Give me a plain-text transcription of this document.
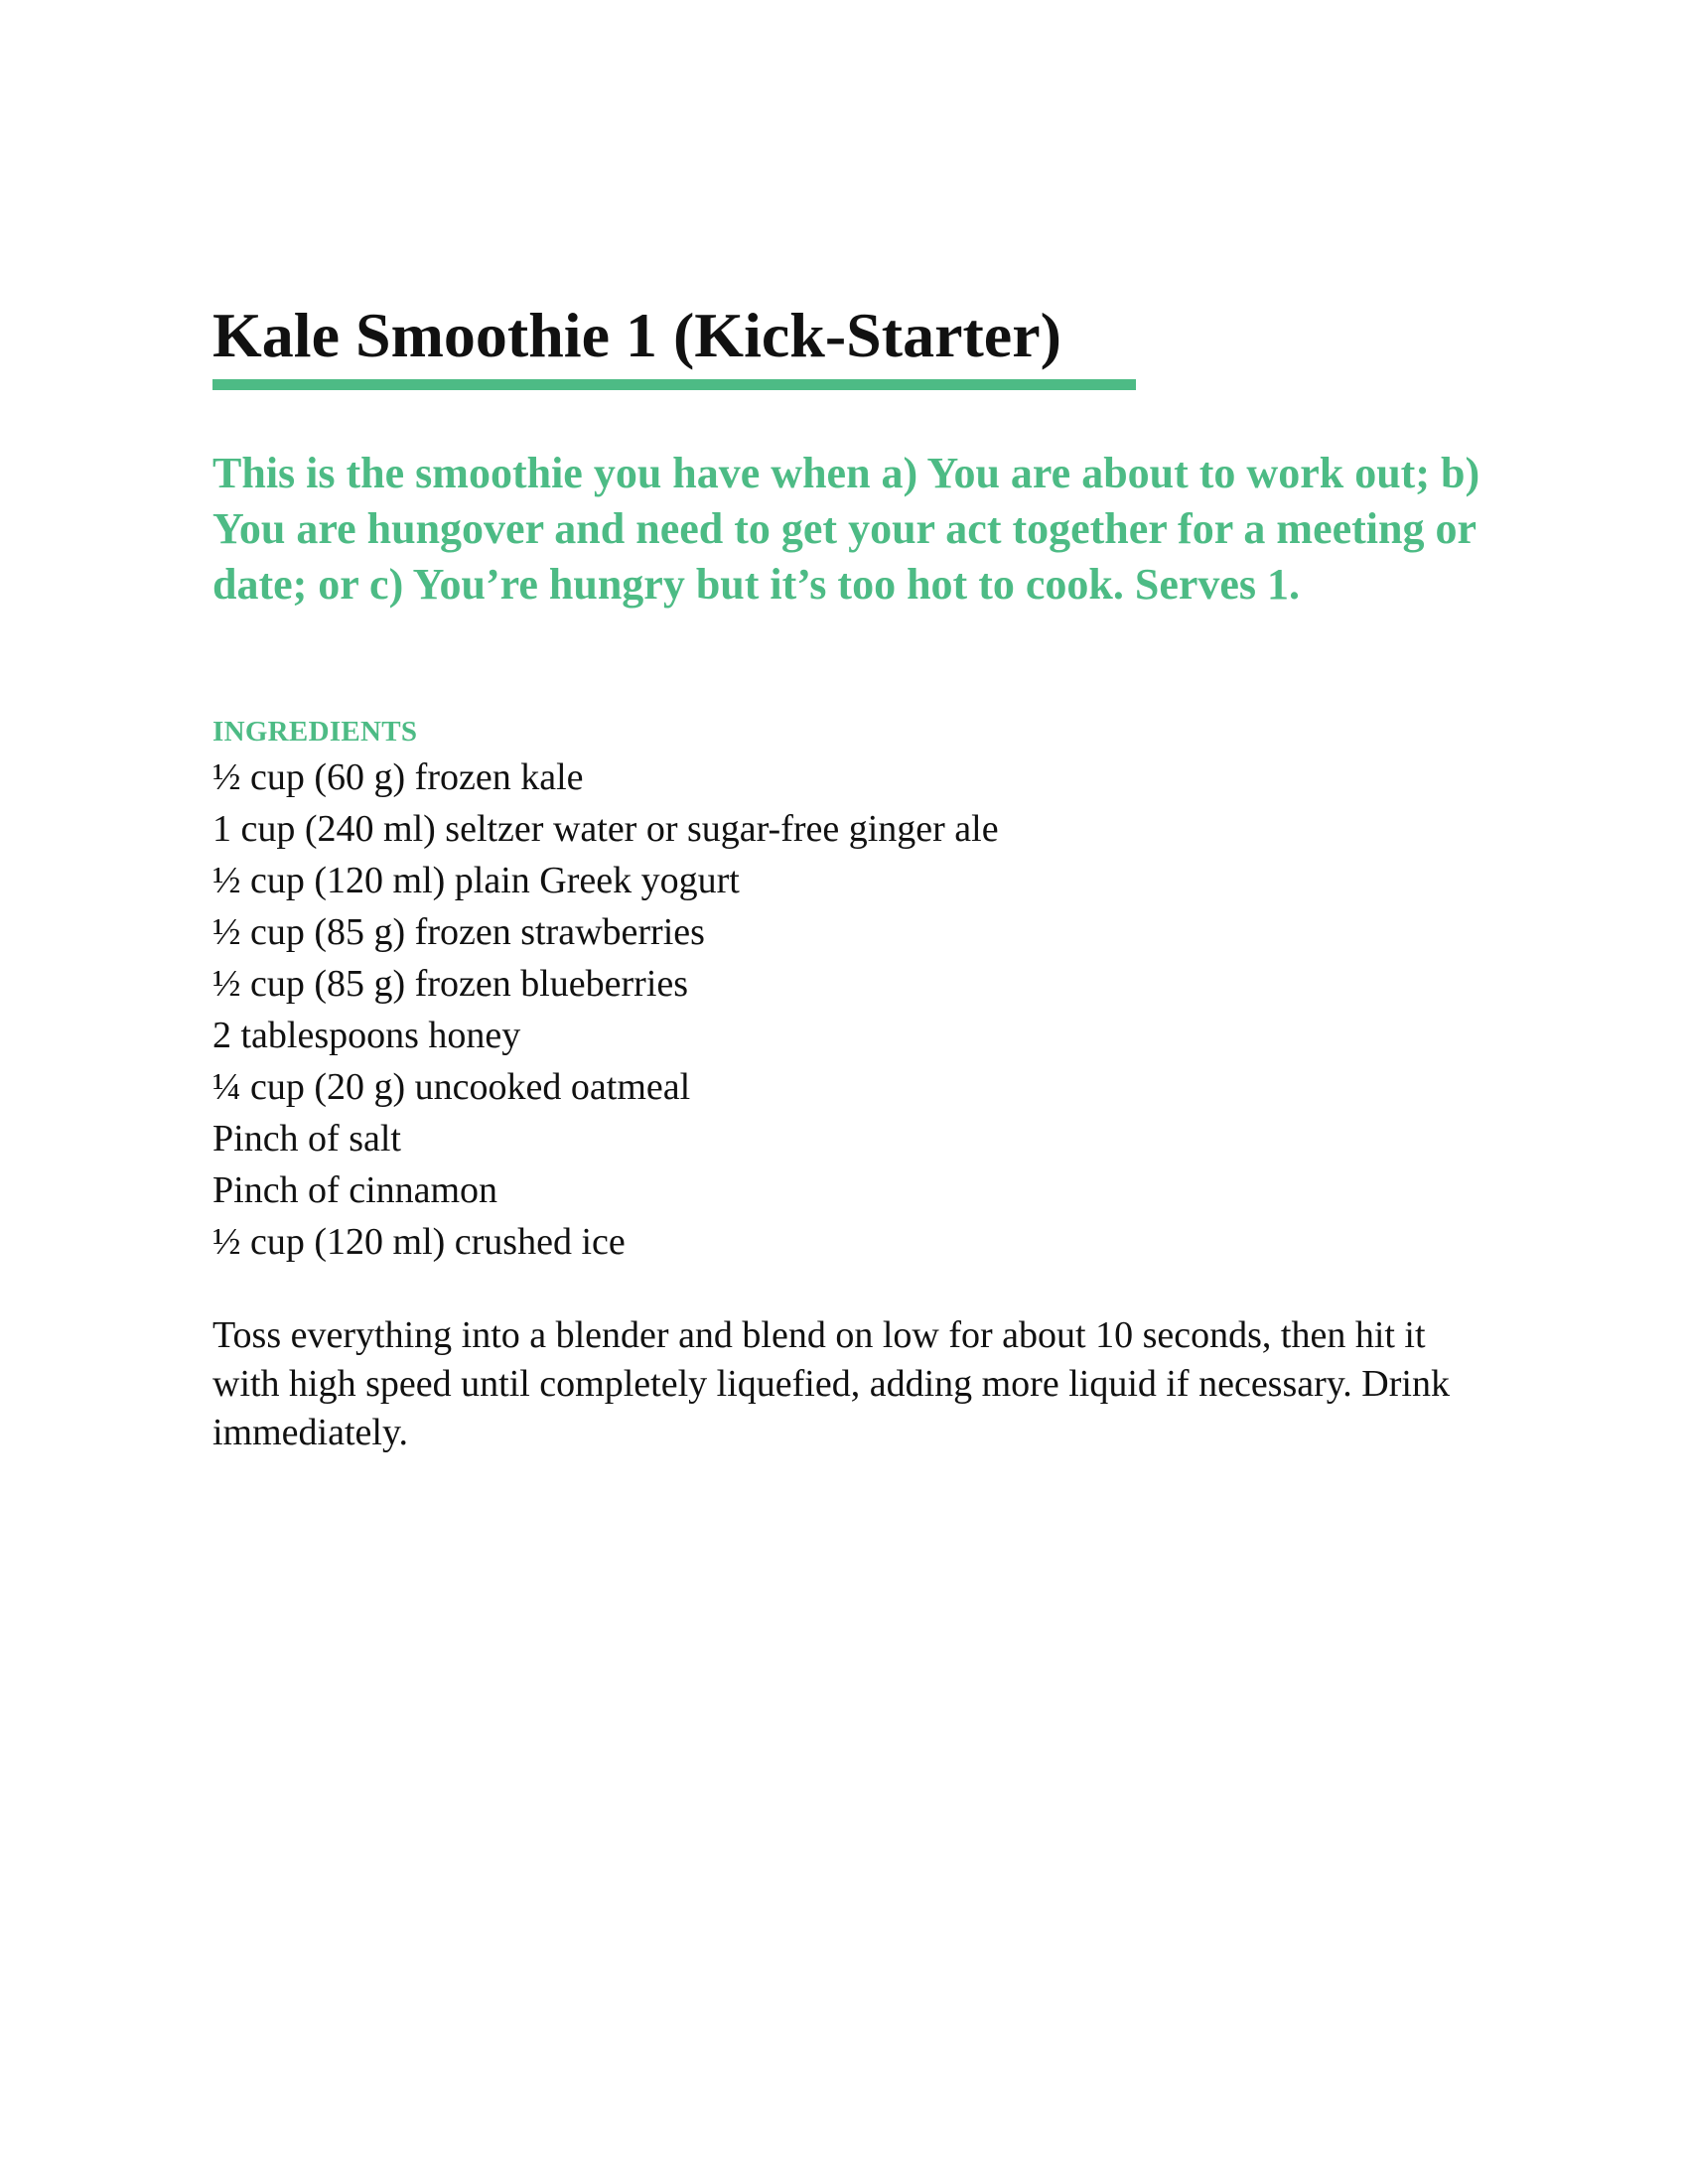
Kale Smoothie 1 (Kick-Starter)

This is the smoothie you have when a) You are about to work out; b) You are hungover and need to get your act together for a meeting or date; or c) You’re hungry but it’s too hot to cook. Serves 1.

INGREDIENTS

½ cup (60 g) frozen kale
1 cup (240 ml) seltzer water or sugar-free ginger ale
½ cup (120 ml) plain Greek yogurt
½ cup (85 g) frozen strawberries
½ cup (85 g) frozen blueberries
2 tablespoons honey
¼ cup (20 g) uncooked oatmeal
Pinch of salt
Pinch of cinnamon
½ cup (120 ml) crushed ice

Toss everything into a blender and blend on low for about 10 seconds, then hit it with high speed until completely liquefied, adding more liquid if necessary. Drink immediately.
